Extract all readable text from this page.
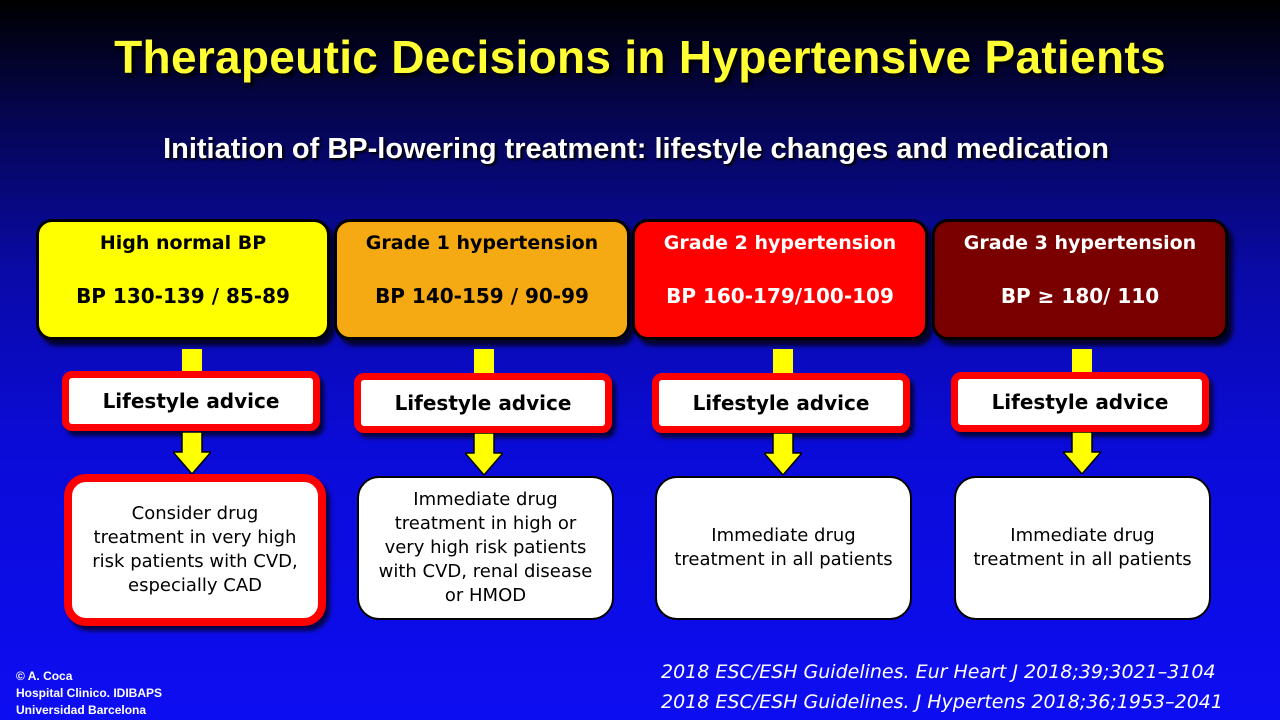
Therapeutic Decisions in Hypertensive Patients
Initiation of BP-lowering treatment: lifestyle changes and medication
High normal BP
BP 130-139 / 85-89
Lifestyle advice
Consider drug treatment in very high risk patients with CVD, especially CAD
Grade 1 hypertension
BP 140-159 / 90-99
Lifestyle advice
Immediate drug treatment in high or very high risk patients with CVD, renal disease or HMOD
Grade 2 hypertension
BP 160-179/100-109
Lifestyle advice
Immediate drug treatment in all patients
Grade 3 hypertension
BP ≥ 180/ 110
Lifestyle advice
Immediate drug treatment in all patients
© A. Coca
Hospital Clinico. IDIBAPS
Universidad Barcelona
2018 ESC/ESH Guidelines. Eur Heart J 2018;39;3021–3104
2018 ESC/ESH Guidelines. J Hypertens 2018;36;1953–2041
